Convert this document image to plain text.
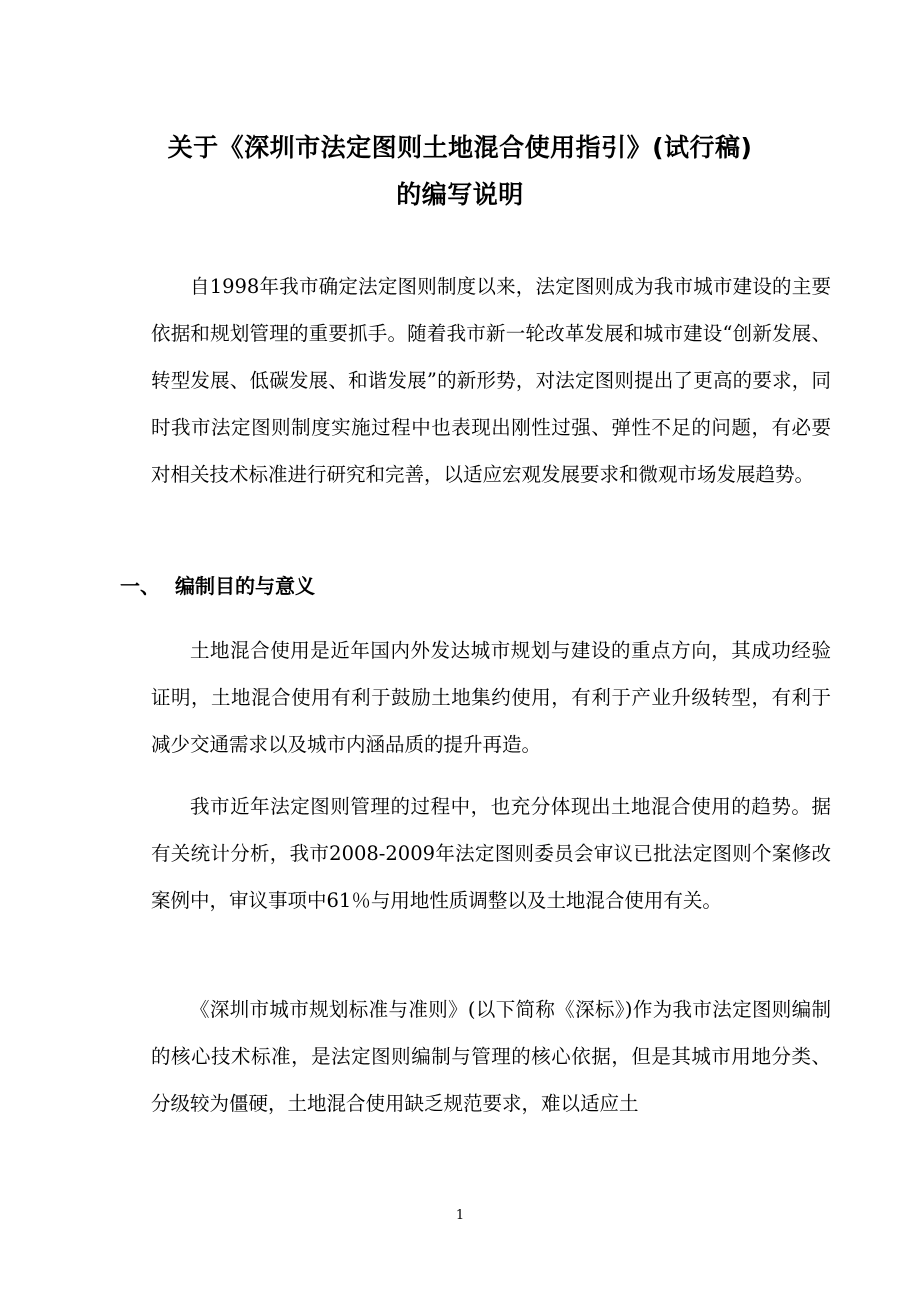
关于《深圳市法定图则土地混合使用指引》(试行稿)
的编写说明

自1998年我市确定法定图则制度以来，法定图则成为我市城市建设的主要依据和规划管理的重要抓手。随着我市新一轮改革发展和城市建设“创新发展、转型发展、低碳发展、和谐发展”的新形势，对法定图则提出了更高的要求，同时我市法定图则制度实施过程中也表现出刚性过强、弹性不足的问题，有必要对相关技术标准进行研究和完善，以适应宏观发展要求和微观市场发展趋势。

一、 编制目的与意义

土地混合使用是近年国内外发达城市规划与建设的重点方向，其成功经验证明，土地混合使用有利于鼓励土地集约使用，有利于产业升级转型，有利于减少交通需求以及城市内涵品质的提升再造。

我市近年法定图则管理的过程中，也充分体现出土地混合使用的趋势。据有关统计分析，我市2008-2009年法定图则委员会审议已批法定图则个案修改案例中，审议事项中61％与用地性质调整以及土地混合使用有关。

《深圳市城市规划标准与准则》(以下简称《深标》)作为我市法定图则编制的核心技术标准，是法定图则编制与管理的核心依据，但是其城市用地分类、分级较为僵硬，土地混合使用缺乏规范要求，难以适应土

1
